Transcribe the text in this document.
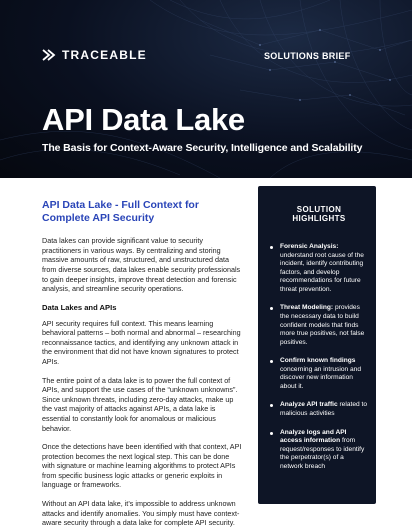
TRACEABLE	SOLUTIONS BRIEF
API Data Lake
The Basis for Context-Aware Security, Intelligence and Scalability
API Data Lake - Full Context for Complete API Security

Data lakes can provide significant value to security practitioners in various ways. By centralizing and storing massive amounts of raw, structured, and unstructured data from diverse sources, data lakes enable security professionals to gain deeper insights, improve threat detection and forensic analysis, and streamline security operations.

Data Lakes and APIs

API security requires full context. This means learning behavioral patterns – both normal and abnormal – researching reconnaissance tactics, and identifying any unknown attack in the environment that did not have known signatures to protect APIs.

The entire point of a data lake is to power the full context of APIs, and support the use cases of the “unknown unknowns”. Since unknown threats, including zero-day attacks, make up the vast majority of attacks against APIs, a data lake is essential to constantly look for anomalous or malicious behavior.

Once the detections have been identified with that context, API protection becomes the next logical step. This can be done with signature or machine learning algorithms to protect APIs from specific business logic attacks or generic exploits in language or frameworks.

Without an API data lake, it’s impossible to address unknown attacks and identify anomalies. You simply must have context-aware security through a data lake for complete API security.

SOLUTION HIGHLIGHTS
Forensic Analysis: understand root cause of the incident, identify contributing factors, and develop recommendations for future threat prevention.
Threat Modeling: provides the necessary data to build confident models that finds more true positives, not false positives.
Confirm known findings concerning an intrusion and discover new information about it.
Analyze API traffic related to malicious activities
Analyze logs and API access information from request/responses to identify the perpetrator(s) of a network breach
